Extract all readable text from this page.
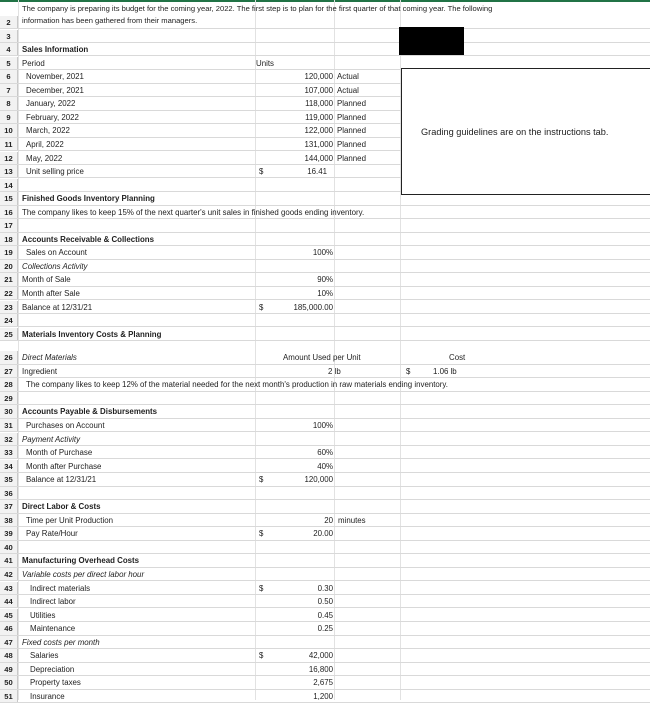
The company is preparing its budget for the coming year, 2022. The first step is to plan for the first quarter of that coming year. The following
information has been gathered from their managers.
2
3
4	Sales Information
5	Period	Units
6	November, 2021	120,000 Actual
7	December, 2021	107,000 Actual
8	January, 2022	118,000 Planned
9	February, 2022	119,000 Planned
10	March, 2022	122,000 Planned
11	April, 2022	131,000 Planned
12	May, 2022	144,000 Planned
13	Unit selling price	$	16.41
14
15	Finished Goods Inventory Planning
16	The company likes to keep 15% of the next quarter's unit sales in finished goods ending inventory.
17
18	Accounts Receivable & Collections
19	Sales on Account	100%
20	Collections Activity
21	Month of Sale	90%
22	Month after Sale	10%
23	Balance at 12/31/21	$	185,000.00
24
25	Materials Inventory Costs & Planning
26	Direct Materials	Amount Used per Unit	Cost
27	Ingredient	2 lb	$	1.06 lb
28	The company likes to keep 12% of the material needed for the next month's production in raw materials ending inventory.
29
30	Accounts Payable & Disbursements
31	Purchases on Account	100%
32	Payment Activity
33	Month of Purchase	60%
34	Month after Purchase	40%
35	Balance at 12/31/21	$	120,000
36
37	Direct Labor & Costs
38	Time per Unit Production	20 minutes
39	Pay Rate/Hour	$	20.00
40
41	Manufacturing Overhead Costs
42	Variable costs per direct labor hour
43	Indirect materials	$	0.30
44	Indirect labor	0.50
45	Utilities	0.45
46	Maintenance	0.25
47	Fixed costs per month
48	Salaries	$	42,000
49	Depreciation	16,800
50	Property taxes	2,675
51	Insurance	1,200
Grading guidelines are on the instructions tab.
